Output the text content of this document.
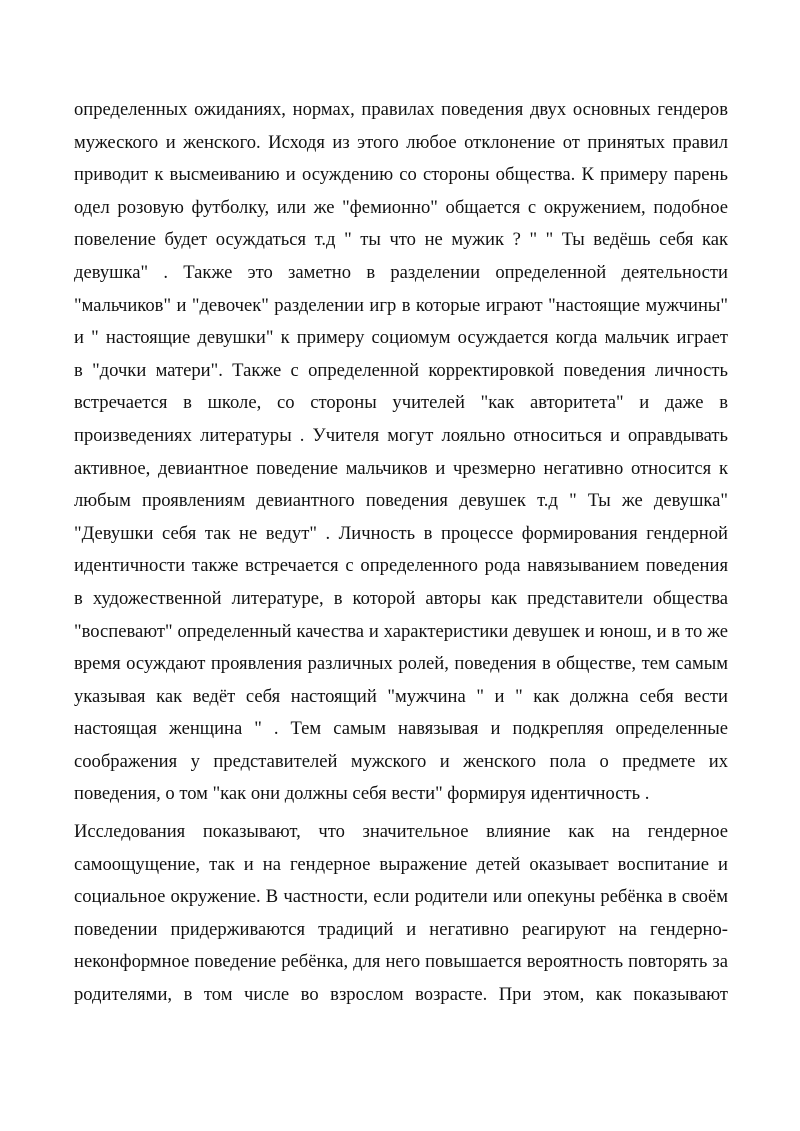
определенных ожиданиях, нормах, правилах поведения двух основных гендеров
мужеского и женского. Исходя из этого любое отклонение от принятых правил
приводит к высмеиванию и осуждению со стороны общества. К примеру парень
одел розовую футболку, или же "фемионно" общается с окружением, подобное
повеление будет осуждаться т.д " ты что не мужик ? " " Ты ведёшь себя как
девушка" . Также это заметно в разделении определенной деятельности
"мальчиков" и "девочек" разделении игр в которые играют "настоящие мужчины"
и " настоящие девушки" к примеру социомум осуждается когда мальчик играет
в "дочки матери". Также с определенной корректировкой поведения личность
встречается в школе, со стороны учителей "как авторитета" и даже в
произведениях литературы . Учителя могут лояльно относиться и оправдывать
активное, девиантное поведение мальчиков и чрезмерно негативно относится к
любым проявлениям девиантного поведения девушек т.д " Ты же девушка"
"Девушки себя так не ведут" . Личность в процессе формирования гендерной
идентичности также встречается с определенного рода навязыванием поведения
в художественной литературе, в которой авторы как представители общества
"воспевают" определенный качества и характеристики девушек и юнош, и в то же
время осуждают проявления различных ролей, поведения в обществе, тем самым
указывая как ведёт себя настоящий "мужчина " и " как должна себя вести
настоящая женщина " . Тем самым навязывая и подкрепляя определенные
соображения у представителей мужского и женского пола о предмете их
поведения, о том "как они должны себя вести" формируя идентичность .
Исследования показывают, что значительное влияние как на гендерное
самоощущение, так и на гендерное выражение детей оказывает воспитание и
социальное окружение. В частности, если родители или опекуны ребёнка в своём
поведении придерживаются традиций и негативно реагируют на гендерно-
неконформное поведение ребёнка, для него повышается вероятность повторять за
родителями, в том числе во взрослом возрасте. При этом, как показывают
